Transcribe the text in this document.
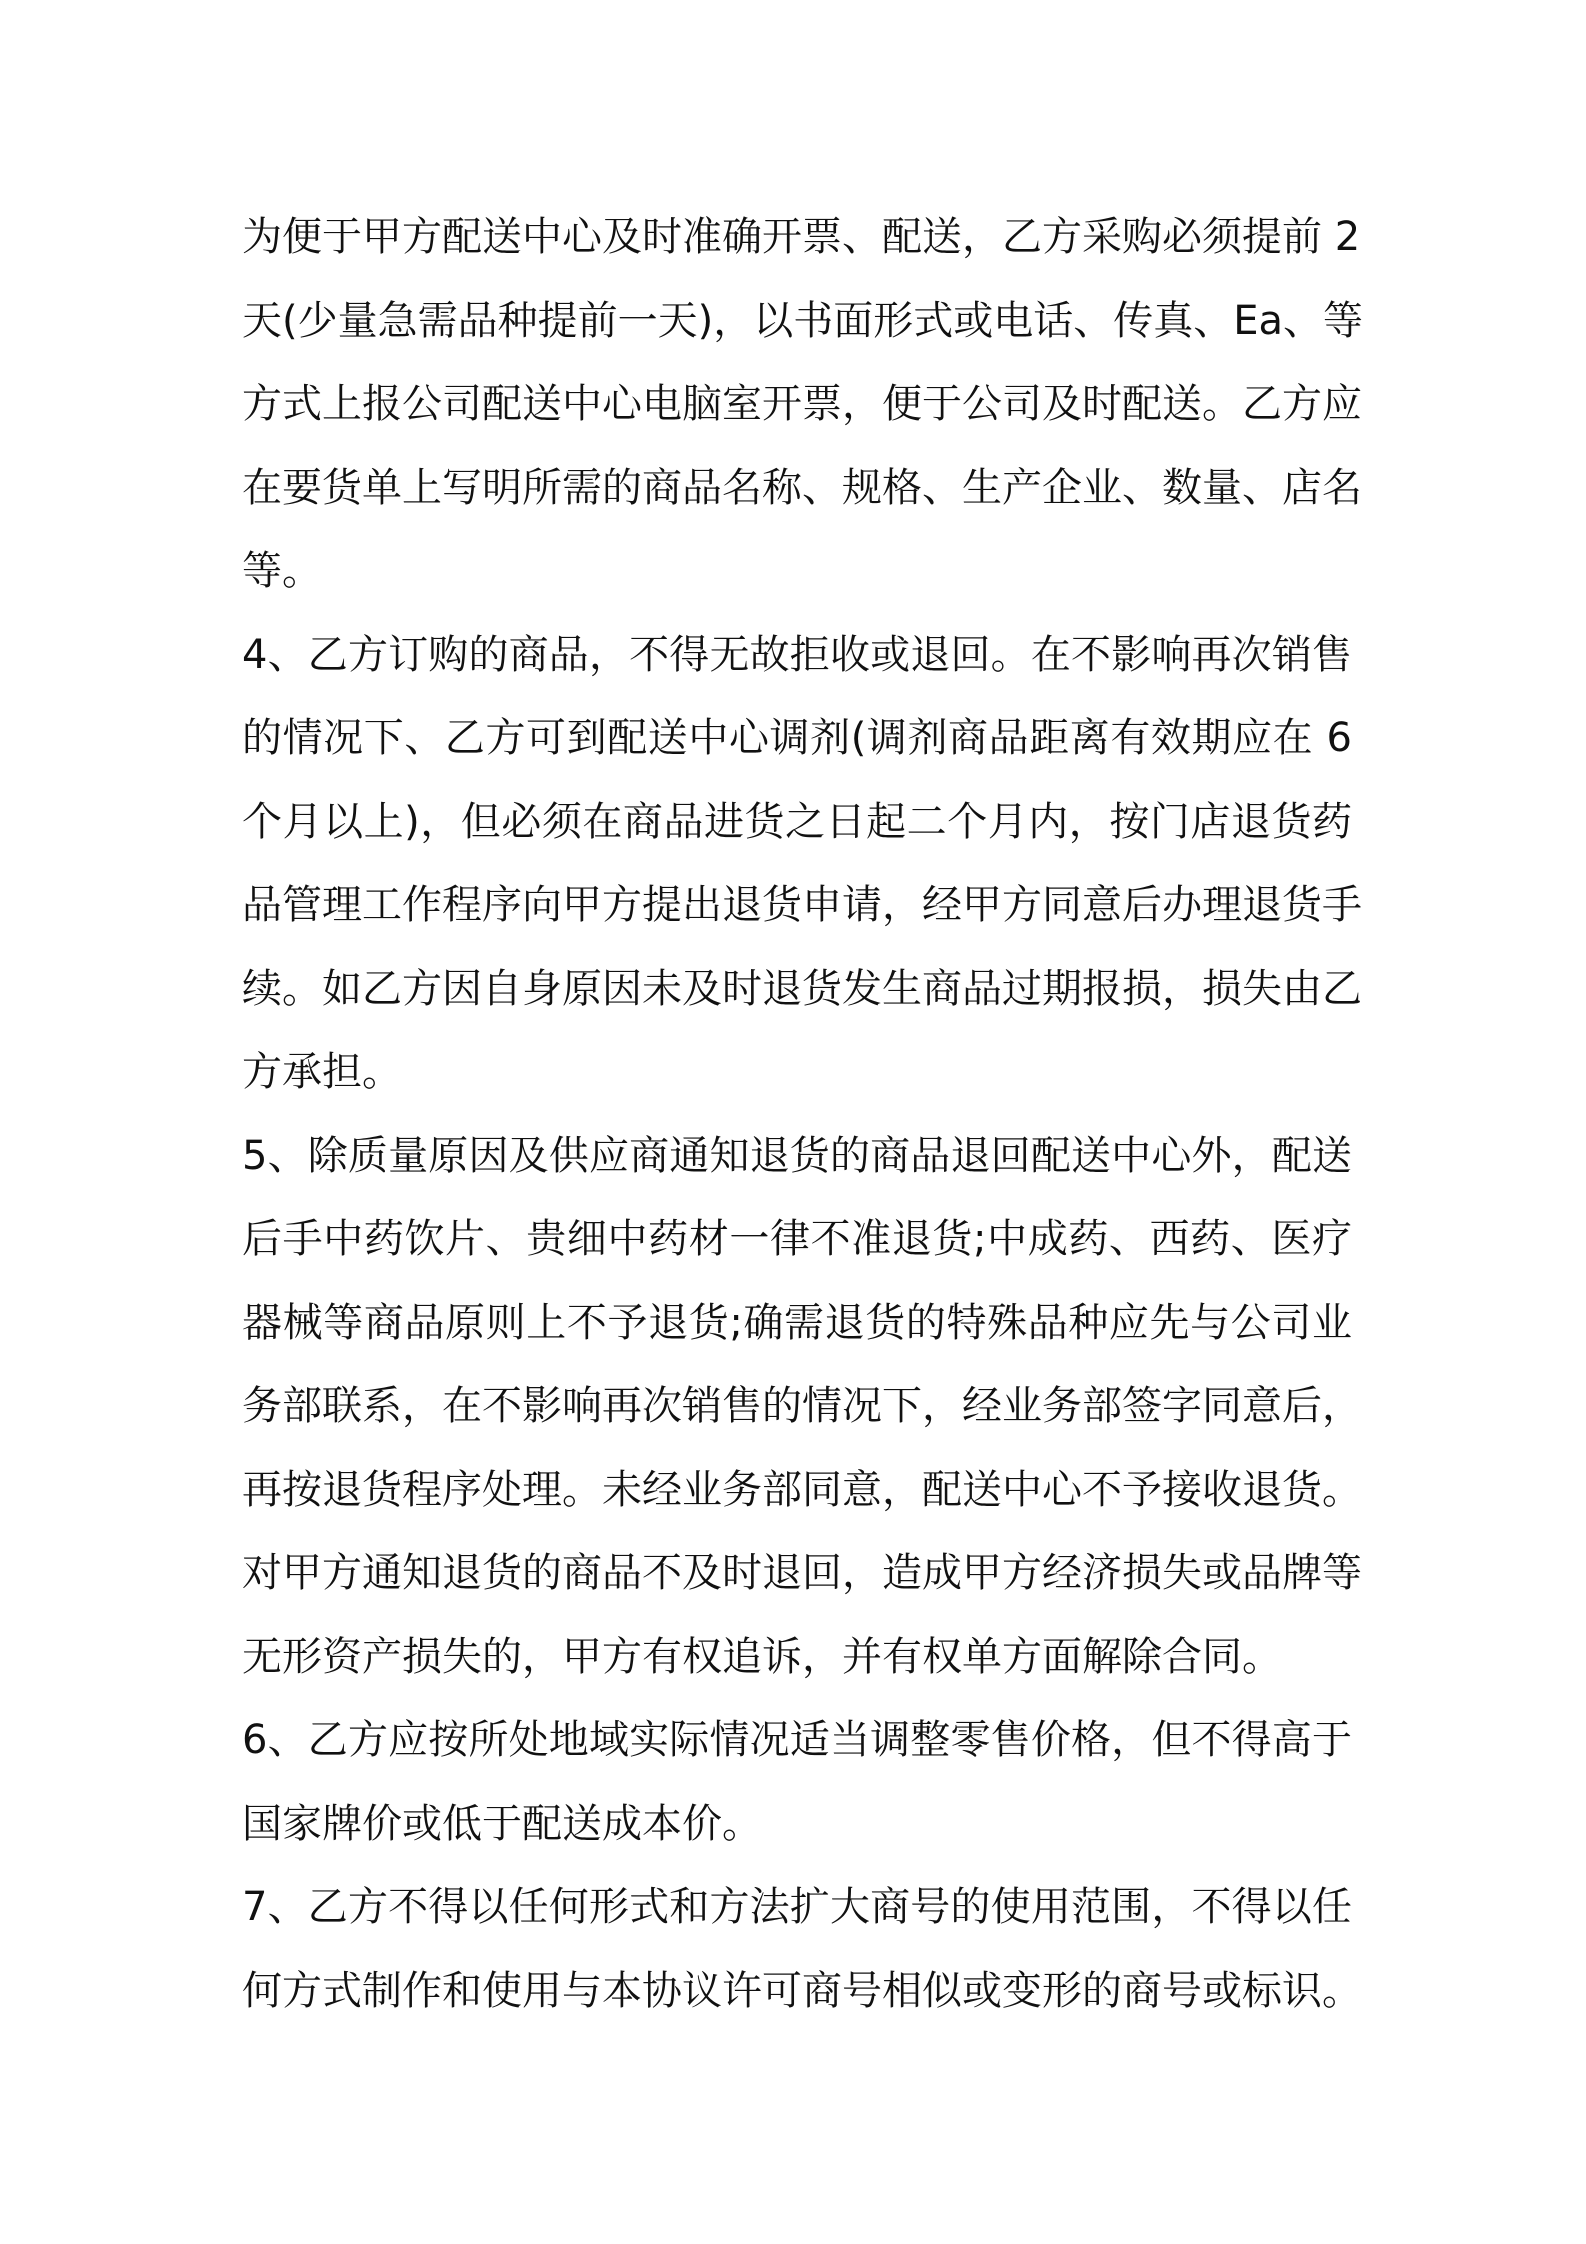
为便于甲方配送中心及时准确开票、配送，乙方采购必须提前 2
天(少量急需品种提前一天)，以书面形式或电话、传真、Ea、等
方式上报公司配送中心电脑室开票，便于公司及时配送。乙方应
在要货单上写明所需的商品名称、规格、生产企业、数量、店名
等。
4、乙方订购的商品，不得无故拒收或退回。在不影响再次销售
的情况下、乙方可到配送中心调剂(调剂商品距离有效期应在 6
个月以上)，但必须在商品进货之日起二个月内，按门店退货药
品管理工作程序向甲方提出退货申请，经甲方同意后办理退货手
续。如乙方因自身原因未及时退货发生商品过期报损，损失由乙
方承担。
5、除质量原因及供应商通知退货的商品退回配送中心外，配送
后手中药饮片、贵细中药材一律不准退货;中成药、西药、医疗
器械等商品原则上不予退货;确需退货的特殊品种应先与公司业
务部联系，在不影响再次销售的情况下，经业务部签字同意后，
再按退货程序处理。未经业务部同意，配送中心不予接收退货。
对甲方通知退货的商品不及时退回，造成甲方经济损失或品牌等
无形资产损失的，甲方有权追诉，并有权单方面解除合同。
6、乙方应按所处地域实际情况适当调整零售价格，但不得高于
国家牌价或低于配送成本价。
7、乙方不得以任何形式和方法扩大商号的使用范围，不得以任
何方式制作和使用与本协议许可商号相似或变形的商号或标识。
